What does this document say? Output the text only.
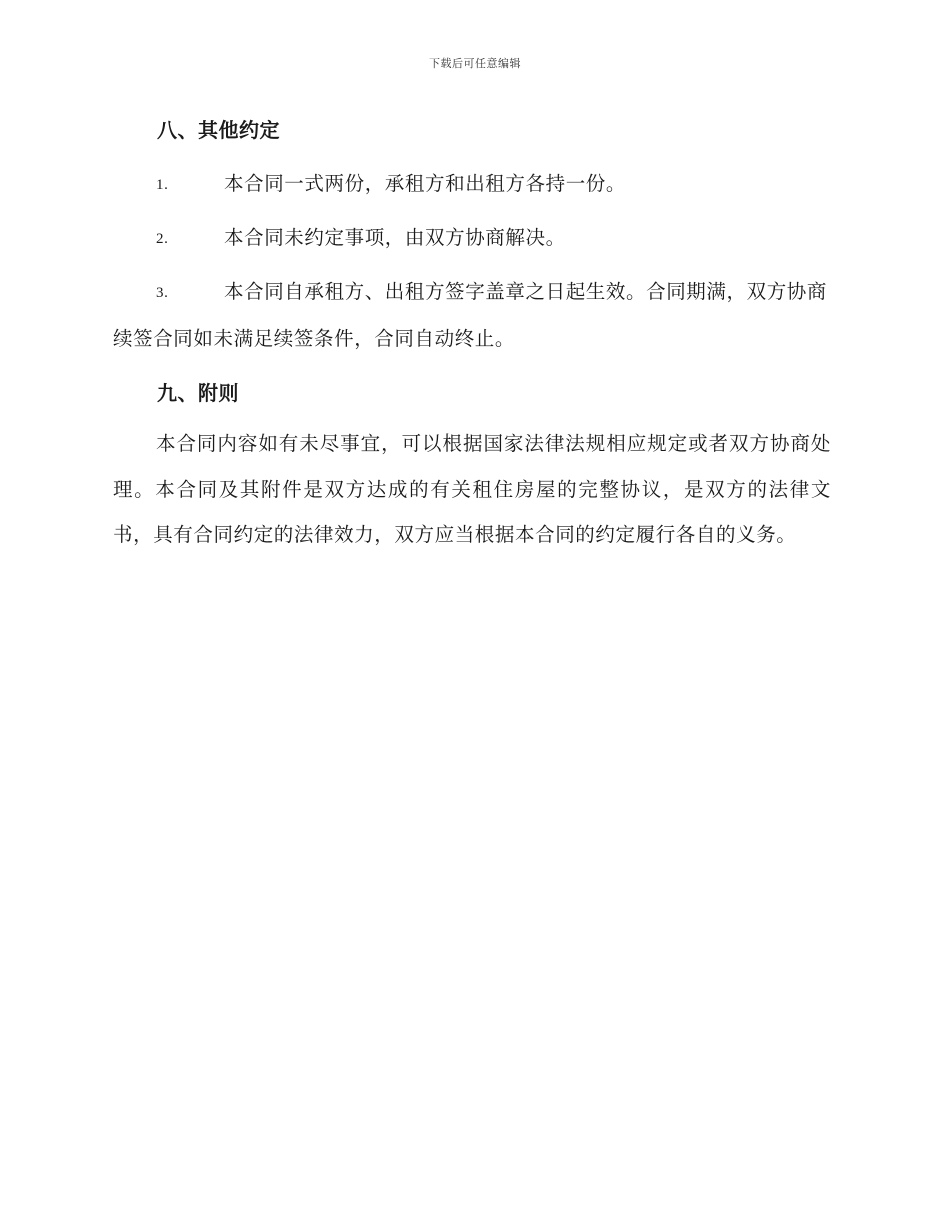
下载后可任意编辑
八、其他约定
1.	本合同一式两份，承租方和出租方各持一份。
2.	本合同未约定事项，由双方协商解决。
3.	本合同自承租方、出租方签字盖章之日起生效。合同期满，双方协商续签合同如未满足续签条件，合同自动终止。
九、附则
本合同内容如有未尽事宜，可以根据国家法律法规相应规定或者双方协商处理。本合同及其附件是双方达成的有关租住房屋的完整协议，是双方的法律文书，具有合同约定的法律效力，双方应当根据本合同的约定履行各自的义务。
